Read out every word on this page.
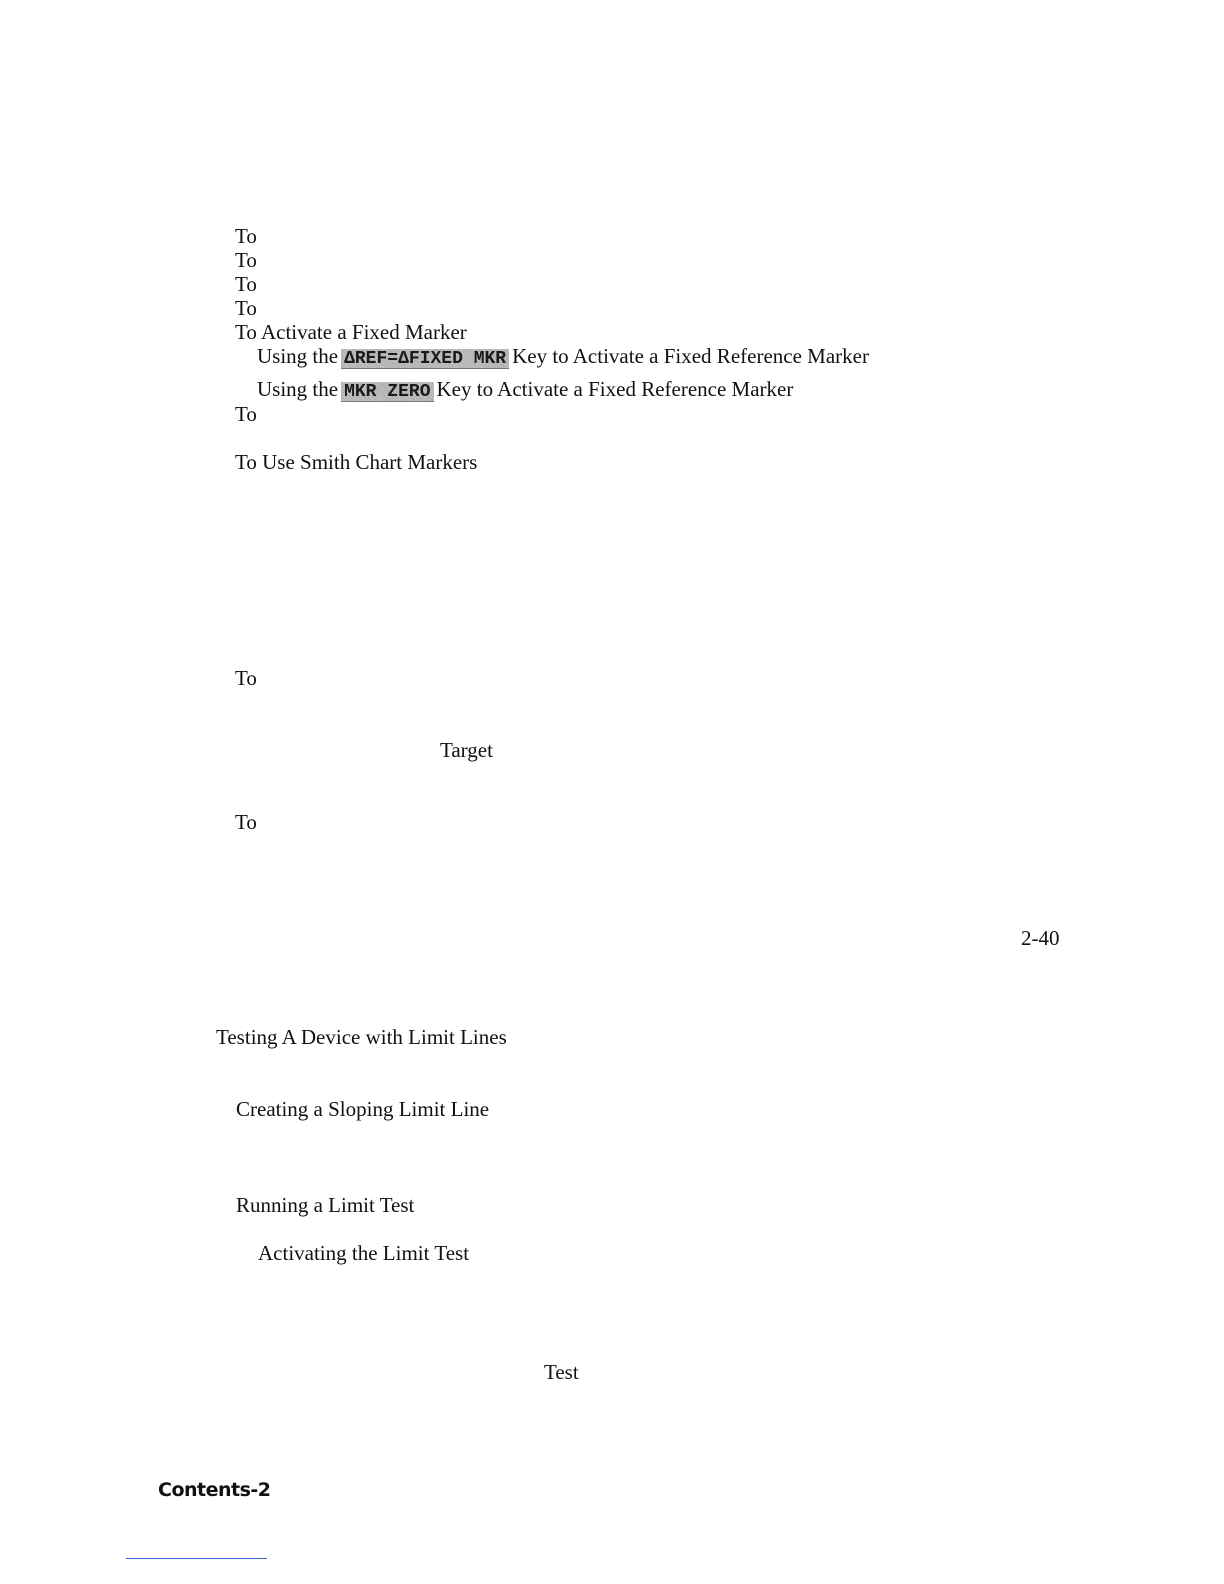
To
To
To
To
To Activate a Fixed Marker
Using the ΔREF=ΔFIXED MKR Key to Activate a Fixed Reference Marker
Using the MKR ZERO Key to Activate a Fixed Reference Marker
To
To Use Smith Chart Markers
To
Target
To
2-40
Testing A Device with Limit Lines
Creating a Sloping Limit Line
Running a Limit Test
Activating the Limit Test
Test
Contents-2
